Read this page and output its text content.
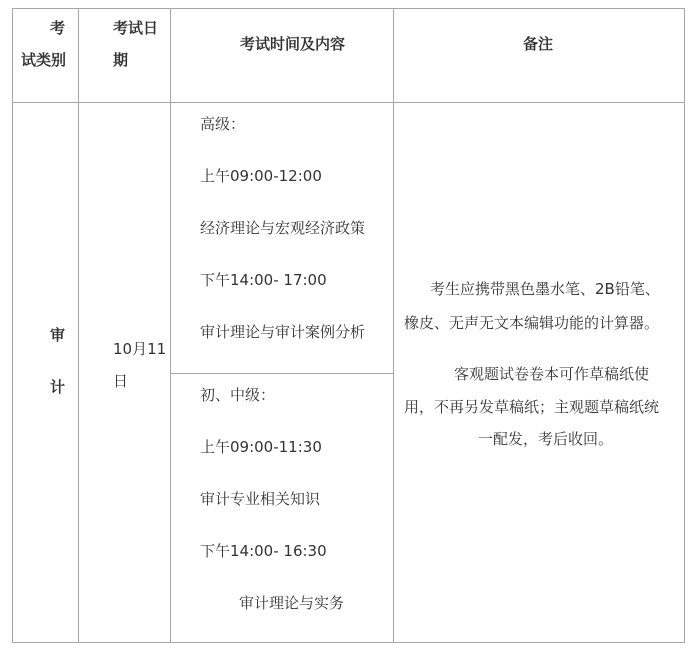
考
试类别
考试日
期
考试时间及内容	备注
审
计
10月11
日
高级：
上午09:00-12:00
经济理论与宏观经济政策
下午14:00- 17:00
审计理论与审计案例分析
初、中级：
上午09:00-11:30
审计专业相关知识
下午14:00- 16:30
审计理论与实务
考生应携带黑色墨水笔、2B铅笔、
橡皮、无声无文本编辑功能的计算器。
客观题试卷卷本可作草稿纸使
用，不再另发草稿纸；主观题草稿纸统
一配发，考后收回。
